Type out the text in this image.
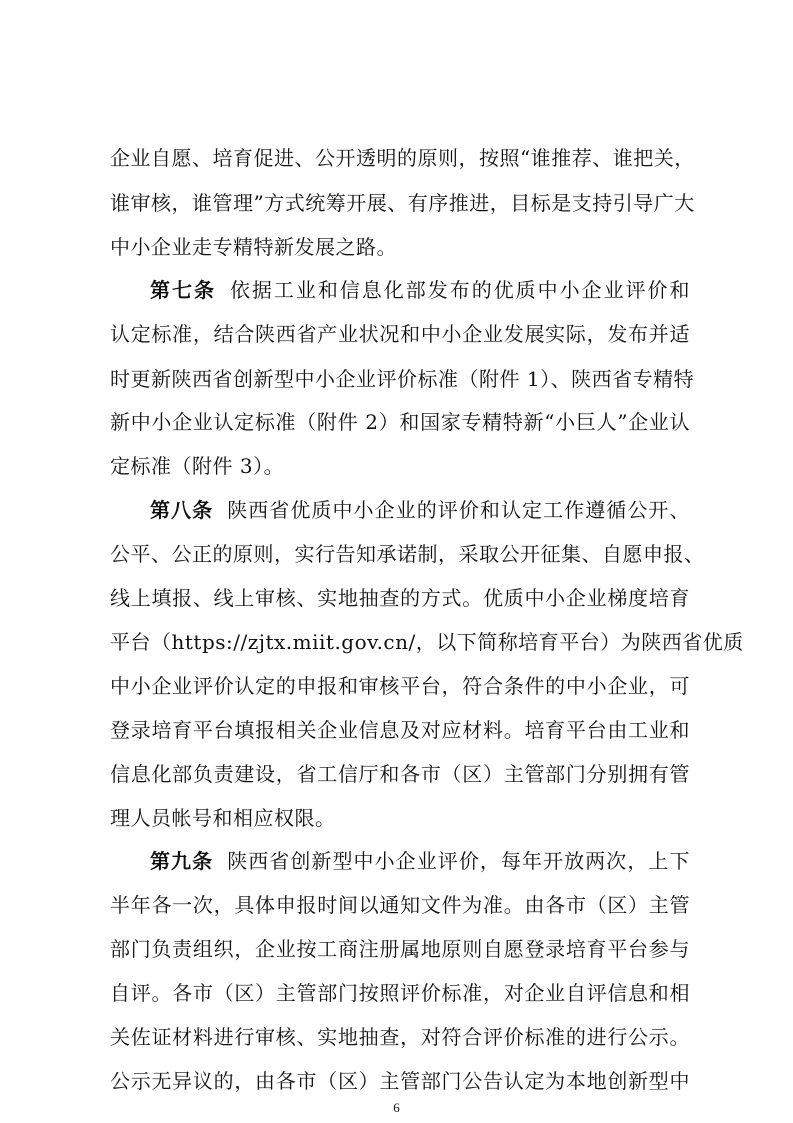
企业自愿、培育促进、公开透明的原则，按照“谁推荐、谁把关，
谁审核，谁管理”方式统筹开展、有序推进，目标是支持引导广大
中小企业走专精特新发展之路。
第七条 依据工业和信息化部发布的优质中小企业评价和
认定标准，结合陕西省产业状况和中小企业发展实际，发布并适
时更新陕西省创新型中小企业评价标准（附件 1）、陕西省专精特
新中小企业认定标准（附件 2）和国家专精特新“小巨人”企业认
定标准（附件 3）。
第八条 陕西省优质中小企业的评价和认定工作遵循公开、
公平、公正的原则，实行告知承诺制，采取公开征集、自愿申报、
线上填报、线上审核、实地抽查的方式。优质中小企业梯度培育
平台（https://zjtx.miit.gov.cn/，以下简称培育平台）为陕西省优质
中小企业评价认定的申报和审核平台，符合条件的中小企业，可
登录培育平台填报相关企业信息及对应材料。培育平台由工业和
信息化部负责建设，省工信厅和各市（区）主管部门分别拥有管
理人员帐号和相应权限。
第九条 陕西省创新型中小企业评价，每年开放两次，上下
半年各一次，具体申报时间以通知文件为准。由各市（区）主管
部门负责组织，企业按工商注册属地原则自愿登录培育平台参与
自评。各市（区）主管部门按照评价标准，对企业自评信息和相
关佐证材料进行审核、实地抽查，对符合评价标准的进行公示。
公示无异议的，由各市（区）主管部门公告认定为本地创新型中
6
